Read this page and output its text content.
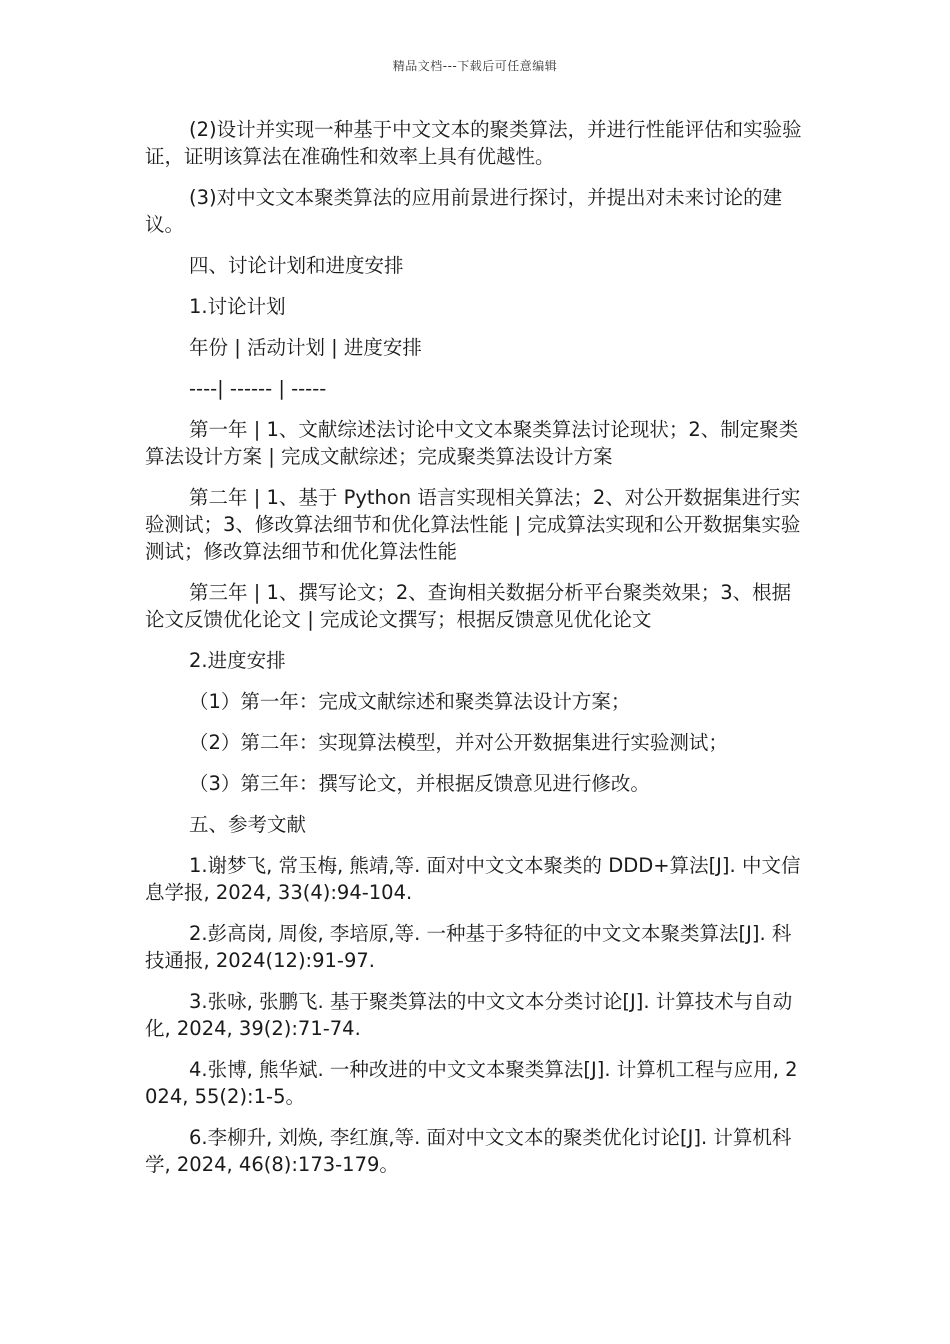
精品文档---下载后可任意编辑

(2)设计并实现一种基于中文文本的聚类算法，并进行性能评估和实验验证，证明该算法在准确性和效率上具有优越性。

(3)对中文文本聚类算法的应用前景进行探讨，并提出对未来讨论的建议。

四、讨论计划和进度安排

1.讨论计划

年份 | 活动计划 | 进度安排

----| ------ | -----

第一年 | 1、文献综述法讨论中文文本聚类算法讨论现状；2、制定聚类算法设计方案 | 完成文献综述；完成聚类算法设计方案

第二年 | 1、基于 Python 语言实现相关算法；2、对公开数据集进行实验测试；3、修改算法细节和优化算法性能 | 完成算法实现和公开数据集实验测试；修改算法细节和优化算法性能

第三年 | 1、撰写论文；2、查询相关数据分析平台聚类效果；3、根据论文反馈优化论文 | 完成论文撰写；根据反馈意见优化论文

2.进度安排

（1）第一年：完成文献综述和聚类算法设计方案；

（2）第二年：实现算法模型，并对公开数据集进行实验测试；

（3）第三年：撰写论文，并根据反馈意见进行修改。

五、参考文献

1.谢梦飞, 常玉梅, 熊靖,等. 面对中文文本聚类的 DDD+算法[J]. 中文信息学报, 2024, 33(4):94-104.

2.彭高岗, 周俊, 李培原,等. 一种基于多特征的中文文本聚类算法[J]. 科技通报, 2024(12):91-97.

3.张咏, 张鹏飞. 基于聚类算法的中文文本分类讨论[J]. 计算技术与自动化, 2024, 39(2):71-74.

4.张博, 熊华斌. 一种改进的中文文本聚类算法[J]. 计算机工程与应用, 2024, 55(2):1-5。

6.李柳升, 刘焕, 李红旗,等. 面对中文文本的聚类优化讨论[J]. 计算机科学, 2024, 46(8):173-179。
